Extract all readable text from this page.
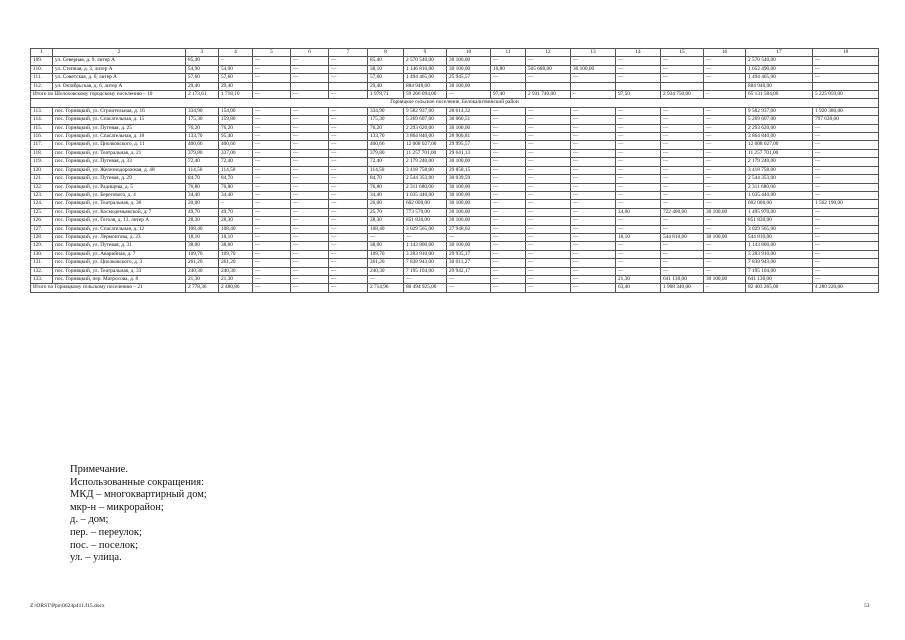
1	2	3	4	5	6	7	8	9	10	11	12	13	14	15	16	17	18
109.	ул. Северная, д. 9, литер А	85,40	–	—	—	—	85,40	2 570 540,00	30 100,00	—	—	—	—	—	—	2 570 540,00	—
110.	ул. Степная, д. 3, литер А	54,90	54,90	—	—	—	38,10	1 146 810,00	30 100,00	16,80	505 680,00	30 100,00	—	—	—	1 652 490,00	—
111.	ул. Советская, д. 6, литер А	57,60	57,60	—	—	—	57,60	1 494 465,00	25 945,57	—	—	—	—	—	—	1 494 465,00	—
112.	ул. Октябрьская, д. 6, литер А	29,40	29,40				29,40	884 940,00	30 100,00							884 940,00	
Итого по Шолоховскому городскому поселению – 10		2 173,61	1 718,10	—	—	—	1 978,71	59 266 094,00	—	97,40	2 931 740,00	–	97,50	2 934 750,00	–	65 131 584,00	5 225 059,00
Горняцкое сельское поселение, Белокалитвинский район																	
113.	пос. Горняцкий, ул. Строительная, д. 16	334,90	154,00	—	—	—	334,90	9 582 937,00	28 614,32	—	—	—	—	—	—	9 582 937,00	1 920 380,00
114.	пос. Горняцкий, ул. Спасательная, д. 15	175,30	159,80	—	—	—	175,30	5 269 607,00	30 060,51	—	—	—	—	—	—	5 269 607,00	797 630,00
115.	пос. Горняцкий, ул. Путевая, д. 25	76,20	76,20	—	—	—	76,20	2 293 620,00	30 100,00	—	—	—	—	—	—	2 293 620,00	—
116.	пос. Горняцкий, ул. Спасательная, д. 18	133,70	95,40	—	—	—	133,70	3 864 840,00	28 906,81	—	—	—	—	—	—	3 864 840,00	—
117.	пос. Горняцкий, ул. Циолковского, д. 11	400,66	400,66	—	—	—	400,66	12 008 027,00	29 995,57	—	—	—	—	—	—	12 008 027,00	—
118.	пос. Горняцкий, ул. Театральная, д. 21	379,80	337,00	—	—	—	379,80	11 257 701,00	29 641,13	—	—	—	—	—	—	11 257 701,00	—
119.	пос. Горняцкий, ул. Путевая, д. 33	72,40	72,40	—	—	—	72,40	2 179 240,00	30 100,00	—	—	—	—	—	—	2 179 240,00	—
120.	пос. Горняцкий, ул. Железнодорожная, д. 48	114,50	114,50	—	—	—	114,50	3 418 758,00	29 858,15	—	—	—	—	—	—	3 418 758,00	—
121.	пос. Горняцкий, ул. Путевая, д. 29	84,70	84,70	—	—	—	84,70	2 544 353,00	30 039,59	—	—	—	—	—	—	2 544 353,00	—
122.	пос. Горняцкий, ул. Радищева, д. 5	76,80	76,80	—	—	—	76,80	2 311 680,00	30 100,00	—	—	—	—	—	—	2 311 680,00	—
123.	пос. Горняцкий, ул. Берегового, д. 4	34,40	34,40	—	—	—	34,40	1 035 440,00	30 100,00	—	—	—	—	—	—	1 035 440,00	—
124.	пос. Горняцкий, ул. Театральная, д. 36	20,00	–	—	—	—	20,00	602 000,00	30 100,00	—	—	—	—	—	—	602 000,00	1 562 190,00
125.	пос. Горняцкий, ул. Космодемьянской, д. 7	49,70	49,70	—	—	—	25,70	773 570,00	30 100,00	—	—	—	24,00	722 400,00	30 100,00	1 495 970,00	—
126.	пос. Горняцкий, ул. Гоголя, д. 13, литер А	28,30	28,30	—	—	—	28,30	851 830,00	30 100,00	—	—	—	—	—	—	851 830,00	—
127.	пос. Горняцкий, ул. Спасательная, д. 12	108,40	108,40	—	—	—	108,40	3 029 565,00	27 948,02	—	—	—	—	—	—	3 029 565,00	—
128.	пос. Горняцкий, ул. Лермонтова, д. 23	18,10	18,10	—	—	—	—	—	—	—	—	—	18,10	544 810,00	30 100,00	544 810,00	—
129.	пос. Горняцкий, ул. Путевая, д. 31	38,00	38,00	—	—	—	38,00	1 143 800,00	30 100,00	—	—	—	—	—	—	1 143 800,00	—
130.	пос. Горняцкий, ул. Аварийная, д. 7	109,70	109,70	—	—	—	109,70	3 283 910,00	29 935,37	—	—	—	—	—	—	3 283 910,00	—
131.	пос. Горняцкий, ул. Циолковского, д. 3	261,20	261,20	—	—	—	261,20	7 838 943,00	30 011,27	—	—	—	—	—	—	7 838 943,00	—
132.	пос. Горняцкий, ул. Театральная, д. 33	240,30	240,30	—	—	—	240,30	7 195 104,00	29 942,17	—	—	—	—	—	—	7 195 104,00	—
133.	пос. Горняцкий, пер. Матросова, д. 8	21,30	21,30	—	—	—	—	—	—	—	—	—	21,30	641 130,00	30 100,00	641 130,00	—
Итого по Горняцкому сельскому поселению – 21		2 778,36	2 480,86	—	—	—	2 714,96	80 494 925,00	—	—	—	—	63,40	1 908 340,00	–	82 403 265,00	4 280 220,00
Примечание.
Использованные сокращения:
МКД – многоквартирный дом;
мкр-н – микрорайон;
д. – дом;
пер. – переулок;
пос. – поселок;
ул. – улица.
Z:\ORST\Ppo\0623p411.f15.docx	53
